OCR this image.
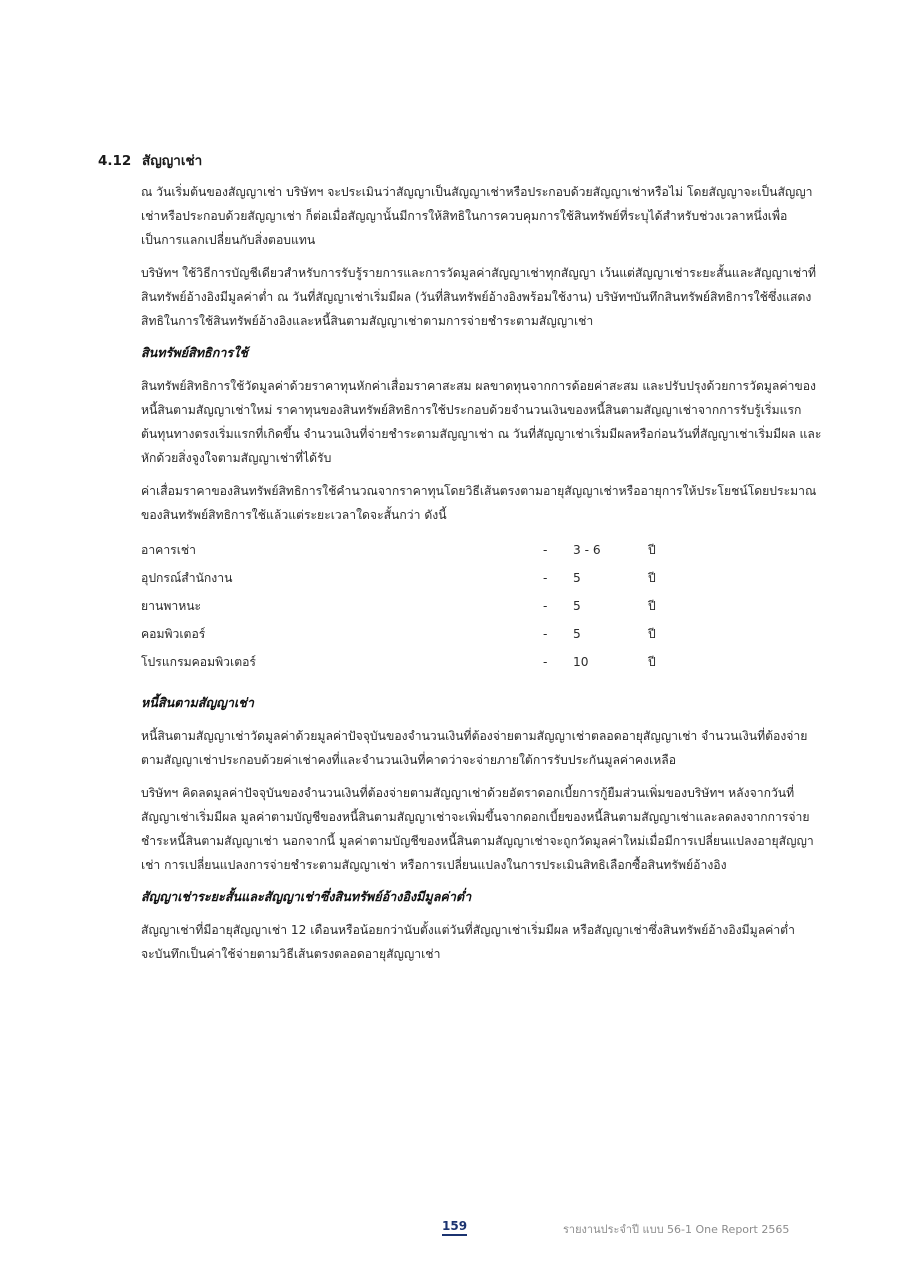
4.12 สัญญาเช่า

ณ วันเริ่มต้นของสัญญาเช่า บริษัทฯ จะประเมินว่าสัญญาเป็นสัญญาเช่าหรือประกอบด้วยสัญญาเช่าหรือไม่ โดยสัญญาจะเป็นสัญญาเช่าหรือประกอบด้วยสัญญาเช่า ก็ต่อเมื่อสัญญานั้นมีการให้สิทธิในการควบคุมการใช้สินทรัพย์ที่ระบุได้สำหรับช่วงเวลาหนึ่งเพื่อเป็นการแลกเปลี่ยนกับสิ่งตอบแทน

บริษัทฯ ใช้วิธีการบัญชีเดียวสำหรับการรับรู้รายการและการวัดมูลค่าสัญญาเช่าทุกสัญญา เว้นแต่สัญญาเช่าระยะสั้นและสัญญาเช่าที่สินทรัพย์อ้างอิงมีมูลค่าต่ำ ณ วันที่สัญญาเช่าเริ่มมีผล (วันที่สินทรัพย์อ้างอิงพร้อมใช้งาน) บริษัทฯบันทึกสินทรัพย์สิทธิการใช้ซึ่งแสดงสิทธิในการใช้สินทรัพย์อ้างอิงและหนี้สินตามสัญญาเช่าตามการจ่ายชำระตามสัญญาเช่า

สินทรัพย์สิทธิการใช้

สินทรัพย์สิทธิการใช้วัดมูลค่าด้วยราคาทุนหักค่าเสื่อมราคาสะสม ผลขาดทุนจากการด้อยค่าสะสม และปรับปรุงด้วยการวัดมูลค่าของหนี้สินตามสัญญาเช่าใหม่ ราคาทุนของสินทรัพย์สิทธิการใช้ประกอบด้วยจำนวนเงินของหนี้สินตามสัญญาเช่าจากการรับรู้เริ่มแรก ต้นทุนทางตรงเริ่มแรกที่เกิดขึ้น จำนวนเงินที่จ่ายชำระตามสัญญาเช่า ณ วันที่สัญญาเช่าเริ่มมีผลหรือก่อนวันที่สัญญาเช่าเริ่มมีผล และหักด้วยสิ่งจูงใจตามสัญญาเช่าที่ได้รับ

ค่าเสื่อมราคาของสินทรัพย์สิทธิการใช้คำนวณจากราคาทุนโดยวิธีเส้นตรงตามอายุสัญญาเช่าหรืออายุการให้ประโยชน์โดยประมาณของสินทรัพย์สิทธิการใช้แล้วแต่ระยะเวลาใดจะสั้นกว่า ดังนี้

อาคารเช่า	-	3 - 6	ปี
อุปกรณ์สำนักงาน	-	5	ปี
ยานพาหนะ	-	5	ปี
คอมพิวเตอร์	-	5	ปี
โปรแกรมคอมพิวเตอร์	-	10	ปี
หนี้สินตามสัญญาเช่า

หนี้สินตามสัญญาเช่าวัดมูลค่าด้วยมูลค่าปัจจุบันของจำนวนเงินที่ต้องจ่ายตามสัญญาเช่าตลอดอายุสัญญาเช่า จำนวนเงินที่ต้องจ่ายตามสัญญาเช่าประกอบด้วยค่าเช่าคงที่และจำนวนเงินที่คาดว่าจะจ่ายภายใต้การรับประกันมูลค่าคงเหลือ

บริษัทฯ คิดลดมูลค่าปัจจุบันของจำนวนเงินที่ต้องจ่ายตามสัญญาเช่าด้วยอัตราดอกเบี้ยการกู้ยืมส่วนเพิ่มของบริษัทฯ หลังจากวันที่สัญญาเช่าเริ่มมีผล มูลค่าตามบัญชีของหนี้สินตามสัญญาเช่าจะเพิ่มขึ้นจากดอกเบี้ยของหนี้สินตามสัญญาเช่าและลดลงจากการจ่ายชำระหนี้สินตามสัญญาเช่า นอกจากนี้ มูลค่าตามบัญชีของหนี้สินตามสัญญาเช่าจะถูกวัดมูลค่าใหม่เมื่อมีการเปลี่ยนแปลงอายุสัญญาเช่า การเปลี่ยนแปลงการจ่ายชำระตามสัญญาเช่า หรือการเปลี่ยนแปลงในการประเมินสิทธิเลือกซื้อสินทรัพย์อ้างอิง

สัญญาเช่าระยะสั้นและสัญญาเช่าซึ่งสินทรัพย์อ้างอิงมีมูลค่าต่ำ

สัญญาเช่าที่มีอายุสัญญาเช่า 12 เดือนหรือน้อยกว่านับตั้งแต่วันที่สัญญาเช่าเริ่มมีผล หรือสัญญาเช่าซึ่งสินทรัพย์อ้างอิงมีมูลค่าต่ำ จะบันทึกเป็นค่าใช้จ่ายตามวิธีเส้นตรงตลอดอายุสัญญาเช่า

159	รายงานประจำปี แบบ 56-1 One Report 2565
